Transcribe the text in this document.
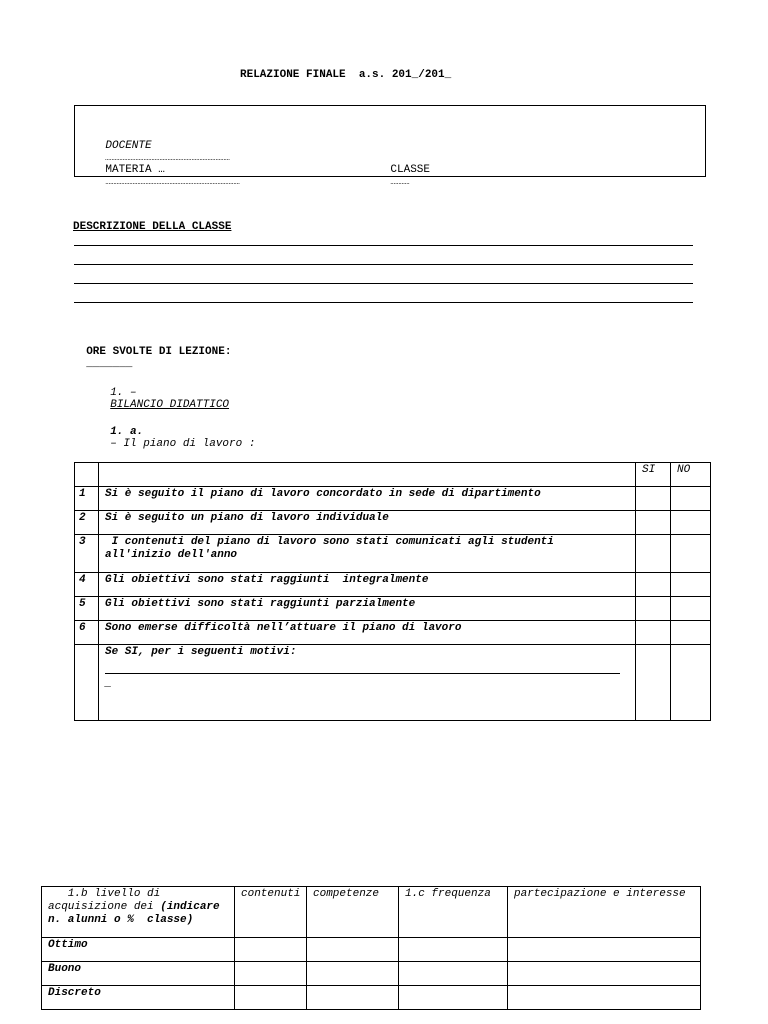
RELAZIONE FINALE  a.s. 201_/201_

DOCENTE
……………………………………………………………………

MATERIA …
…………………………………………………………………………

CLASSE
…………

DESCRIZIONE DELLA CLASSE

ORE SVOLTE DI LEZIONE:
_______

1. –
BILANCIO DIDATTICO

1. a.
– Il piano di lavoro :

		SI	NO
1	Si è seguito il piano di lavoro concordato in sede di dipartimento		
2	Si è seguito un piano di lavoro individuale		
3	I contenuti del piano di lavoro sono stati comunicati agli studenti
all'inizio dell'anno		
4	Gli obiettivi sono stati raggiunti  integralmente		
5	Gli obiettivi sono stati raggiunti parzialmente		
6	Sono emerse difficoltà nell’attuare il piano di lavoro		

	Se SI, per i seguenti motivi:
_		

1.b livello di
acquisizione dei (indicare
n. alunni o %  classe)	contenuti	competenze	1.c frequenza	partecipazione e interesse
Ottimo				
Buono				
Discreto				
